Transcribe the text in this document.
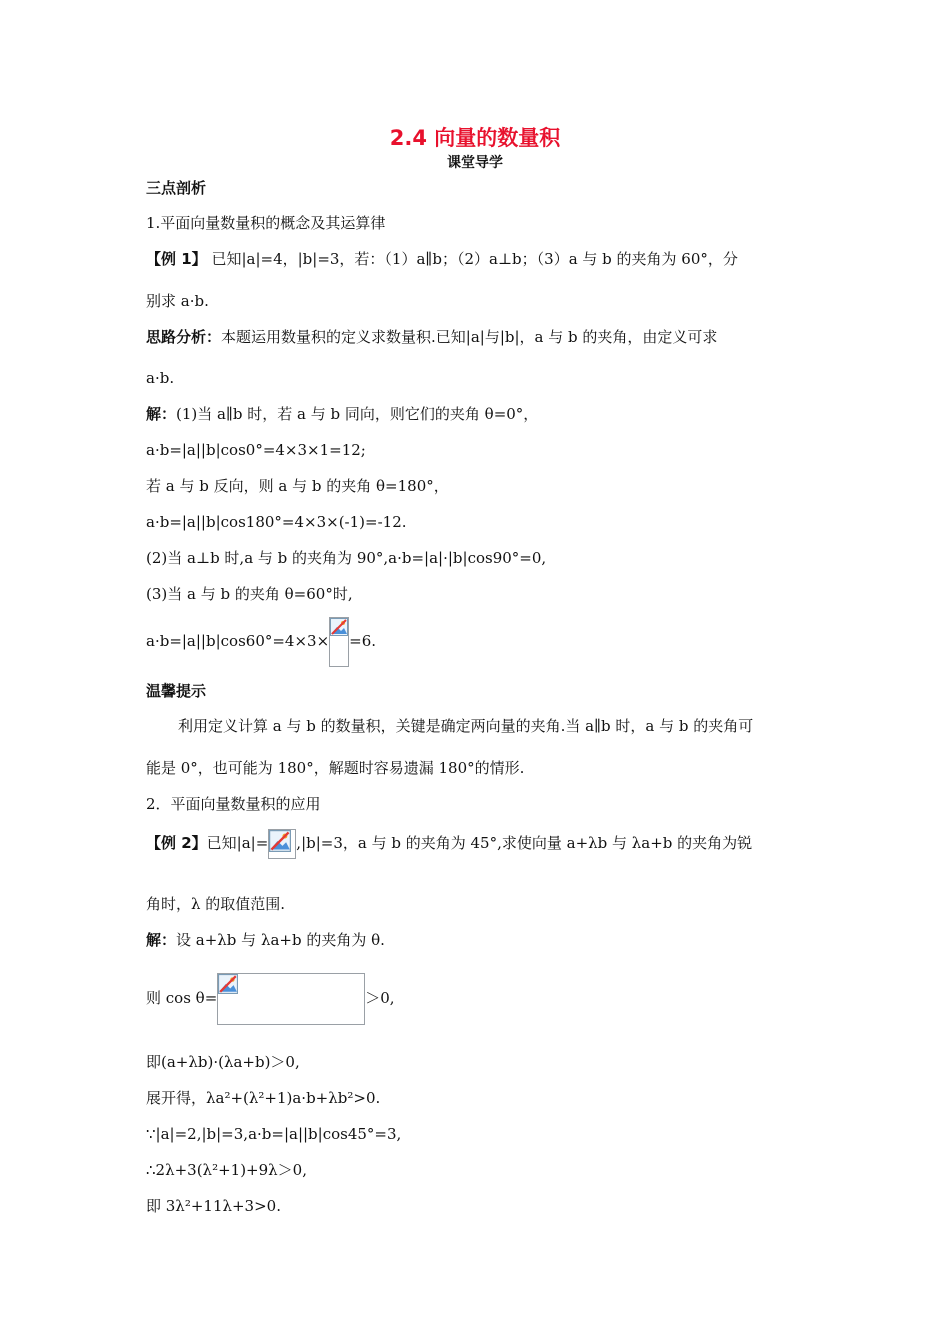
2.4 向量的数量积
课堂导学
三点剖析
1.平面向量数量积的概念及其运算律
【例 1】 已知|a|=4，|b|=3，若：（1）a∥b；（2）a⊥b；（3）a 与 b 的夹角为 60°，分
别求 a·b.
思路分析：本题运用数量积的定义求数量积.已知|a|与|b|，a 与 b 的夹角，由定义可求
a·b.
解：(1)当 a∥b 时，若 a 与 b 同向，则它们的夹角 θ=0°，
a·b=|a||b|cos0°=4×3×1=12;
若 a 与 b 反向，则 a 与 b 的夹角 θ=180°，
a·b=|a||b|cos180°=4×3×(-1)=-12.
(2)当 a⊥b 时,a 与 b 的夹角为 90°,a·b=|a|·|b|cos90°=0,
(3)当 a 与 b 的夹角 θ=60°时,
a·b=|a||b|cos60°=4×3× =6.
温馨提示
利用定义计算 a 与 b 的数量积，关键是确定两向量的夹角.当 a∥b 时，a 与 b 的夹角可
能是 0°，也可能为 180°，解题时容易遗漏 180°的情形.
2．平面向量数量积的应用
【例 2】已知|a|= ,|b|=3，a 与 b 的夹角为 45°,求使向量 a+λb 与 λa+b 的夹角为锐
角时，λ 的取值范围.
解：设 a+λb 与 λa+b 的夹角为 θ.
则 cos θ=	＞0,
即(a+λb)·(λa+b)＞0,
展开得，λa²+(λ²+1)a·b+λb²>0.
∵|a|=2,|b|=3,a·b=|a||b|cos45°=3,
∴2λ+3(λ²+1)+9λ＞0,
即 3λ²+11λ+3>0.
